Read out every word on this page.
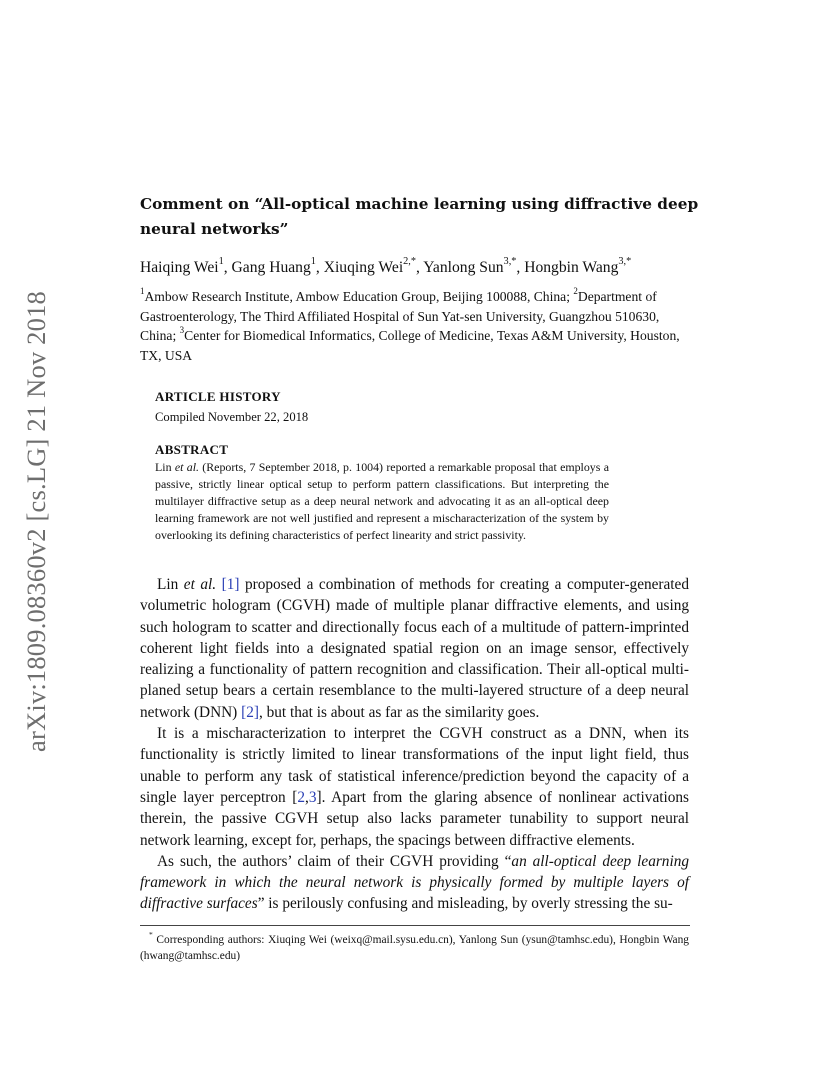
arXiv:1809.08360v2 [cs.LG] 21 Nov 2018
Comment on “All-optical machine learning using diffractive deep neural networks”
Haiqing Wei$^1$, Gang Huang$^1$, Xiuqing Wei$^{2,*}$, Yanlong Sun$^{3,*}$, Hongbin Wang$^{3,*}$
$^1$Ambow Research Institute, Ambow Education Group, Beijing 100088, China; $^2$Department of Gastroenterology, The Third Affiliated Hospital of Sun Yat-sen University, Guangzhou 510630, China; $^3$Center for Biomedical Informatics, College of Medicine, Texas A&M University, Houston, TX, USA
ARTICLE HISTORY
Compiled November 22, 2018
ABSTRACT
Lin et al. (Reports, 7 September 2018, p. 1004) reported a remarkable proposal that employs a passive, strictly linear optical setup to perform pattern classifications. But interpreting the multilayer diffractive setup as a deep neural network and advocating it as an all-optical deep learning framework are not well justified and represent a mischaracterization of the system by overlooking its defining characteristics of perfect linearity and strict passivity.

Lin et al. [1] proposed a combination of methods for creating a computer-generated volumetric hologram (CGVH) made of multiple planar diffractive elements, and using such hologram to scatter and directionally focus each of a multitude of pattern-imprinted coherent light fields into a designated spatial region on an image sensor, effectively realizing a functionality of pattern recognition and classification. Their all-optical multi-planed setup bears a certain resemblance to the multi-layered structure of a deep neural network (DNN) [2], but that is about as far as the similarity goes.

It is a mischaracterization to interpret the CGVH construct as a DNN, when its functionality is strictly limited to linear transformations of the input light field, thus unable to perform any task of statistical inference/prediction beyond the capacity of a single layer perceptron [2,3]. Apart from the glaring absence of nonlinear activations therein, the passive CGVH setup also lacks parameter tunability to support neural network learning, except for, perhaps, the spacings between diffractive elements.

As such, the authors’ claim of their CGVH providing “an all-optical deep learning framework in which the neural network is physically formed by multiple layers of diffractive surfaces” is perilously confusing and misleading, by overly stressing the su-

* Corresponding authors: Xiuqing Wei (weixq@mail.sysu.edu.cn), Yanlong Sun (ysun@tamhsc.edu), Hongbin Wang (hwang@tamhsc.edu)
